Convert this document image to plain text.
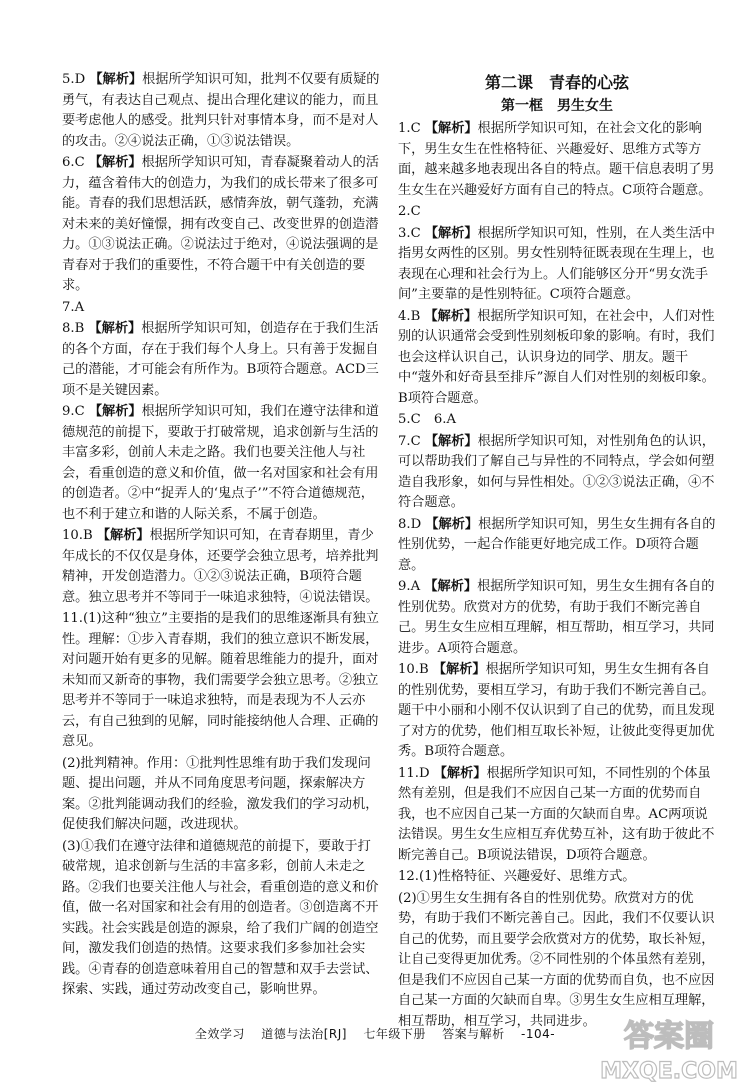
5.D 【解析】根据所学知识可知，批判不仅要有质疑的勇气，有表达自己观点、提出合理化建议的能力，而且要考虑他人的感受。批判只针对事情本身，而不是对人的攻击。②④说法正确，①③说法错误。
6.C 【解析】根据所学知识可知，青春凝聚着动人的活力，蕴含着伟大的创造力，为我们的成长带来了很多可能。青春的我们思想活跃，感情奔放，朝气蓬勃，充满对未来的美好憧憬，拥有改变自己、改变世界的创造潜力。①③说法正确。②说法过于绝对，④说法强调的是青春对于我们的重要性，不符合题干中有关创造的要求。
7.A
8.B 【解析】根据所学知识可知，创造存在于我们生活的各个方面，存在于我们每个人身上。只有善于发掘自己的潜能，才可能会有所作为。B项符合题意。ACD三项不是关键因素。
9.C 【解析】根据所学知识可知，我们在遵守法律和道德规范的前提下，要敢于打破常规，追求创新与生活的丰富多彩，创前人未走之路。我们也要关注他人与社会，看重创造的意义和价值，做一名对国家和社会有用的创造者。②中“捉弄人的‘鬼点子’”不符合道德规范，也不利于建立和谐的人际关系，不属于创造。
10.B 【解析】根据所学知识可知，在青春期里，青少年成长的不仅仅是身体，还要学会独立思考，培养批判精神，开发创造潜力。①②③说法正确，B项符合题意。独立思考并不等同于一味追求独特，④说法错误。
11.(1)这种“独立”主要指的是我们的思维逐渐具有独立性。理解：①步入青春期，我们的独立意识不断发展，对问题开始有更多的见解。随着思维能力的提升，面对未知而又新奇的事物，我们需要学会独立思考。②独立思考并不等同于一味追求独特，而是表现为不人云亦云，有自己独到的见解，同时能接纳他人合理、正确的意见。
(2)批判精神。作用：①批判性思维有助于我们发现问题、提出问题，并从不同角度思考问题，探索解决方案。②批判能调动我们的经验，激发我们的学习动机，促使我们解决问题，改进现状。
(3)①我们在遵守法律和道德规范的前提下，要敢于打破常规，追求创新与生活的丰富多彩，创前人未走之路。②我们也要关注他人与社会，看重创造的意义和价值，做一名对国家和社会有用的创造者。③创造离不开实践。社会实践是创造的源泉，给了我们广阔的创造空间，激发我们创造的热情。这要求我们多参加社会实践。④青春的创造意味着用自己的智慧和双手去尝试、探索、实践，通过劳动改变自己，影响世界。
第二课　青春的心弦
第一框　男生女生
1.C 【解析】根据所学知识可知，在社会文化的影响下，男生女生在性格特征、兴趣爱好、思维方式等方面，越来越多地表现出各自的特点。题干信息表明了男生女生在兴趣爱好方面有自己的特点。C项符合题意。
2.C
3.C 【解析】根据所学知识可知，性别，在人类生活中指男女两性的区别。男女性别特征既表现在生理上，也表现在心理和社会行为上。人们能够区分开“男女洗手间”主要靠的是性别特征。C项符合题意。
4.B 【解析】根据所学知识可知，在社会中，人们对性别的认识通常会受到性别刻板印象的影响。有时，我们也会这样认识自己，认识身边的同学、朋友。题干中“蔻外和好奇县至排斥”源自人们对性别的刻板印象。B项符合题意。
5.C　6.A
7.C 【解析】根据所学知识可知，对性别角色的认识，可以帮助我们了解自己与异性的不同特点，学会如何塑造自我形象，如何与异性相处。①②③说法正确，④不符合题意。
8.D 【解析】根据所学知识可知，男生女生拥有各自的性别优势，一起合作能更好地完成工作。D项符合题意。
9.A 【解析】根据所学知识可知，男生女生拥有各自的性别优势。欣赏对方的优势，有助于我们不断完善自己。男生女生应相互理解，相互帮助，相互学习，共同进步。A项符合题意。
10.B 【解析】根据所学知识可知，男生女生拥有各自的性别优势，要相互学习，有助于我们不断完善自己。题干中小丽和小刚不仅认识到了自己的优势，而且发现了对方的优势，他们相互取长补短，让彼此变得更加优秀。B项符合题意。
11.D 【解析】根据所学知识可知，不同性别的个体虽然有差别，但是我们不应因自己某一方面的优势而自我，也不应因自己某一方面的欠缺而自卑。AC两项说法错误。男生女生应相互弃优势互补，这有助于彼此不断完善自己。B项说法错误，D项符合题意。
12.(1)性格特征、兴趣爱好、思维方式。
(2)①男生女生拥有各自的性别优势。欣赏对方的优势，有助于我们不断完善自己。因此，我们不仅要认识自己的优势，而且要学会欣赏对方的优势，取长补短，让自己变得更加优秀。②不同性别的个体虽然有差别，但是我们不应因自己某一方面的优势而自负，也不应因自己某一方面的欠缺而自卑。③男生女生应相互理解，相互帮助，相互学习，共同进步。
全效学习 道德与法治[RJ] 七年级下册 答案与解析 -104-	答案圈
MXQE.COM
